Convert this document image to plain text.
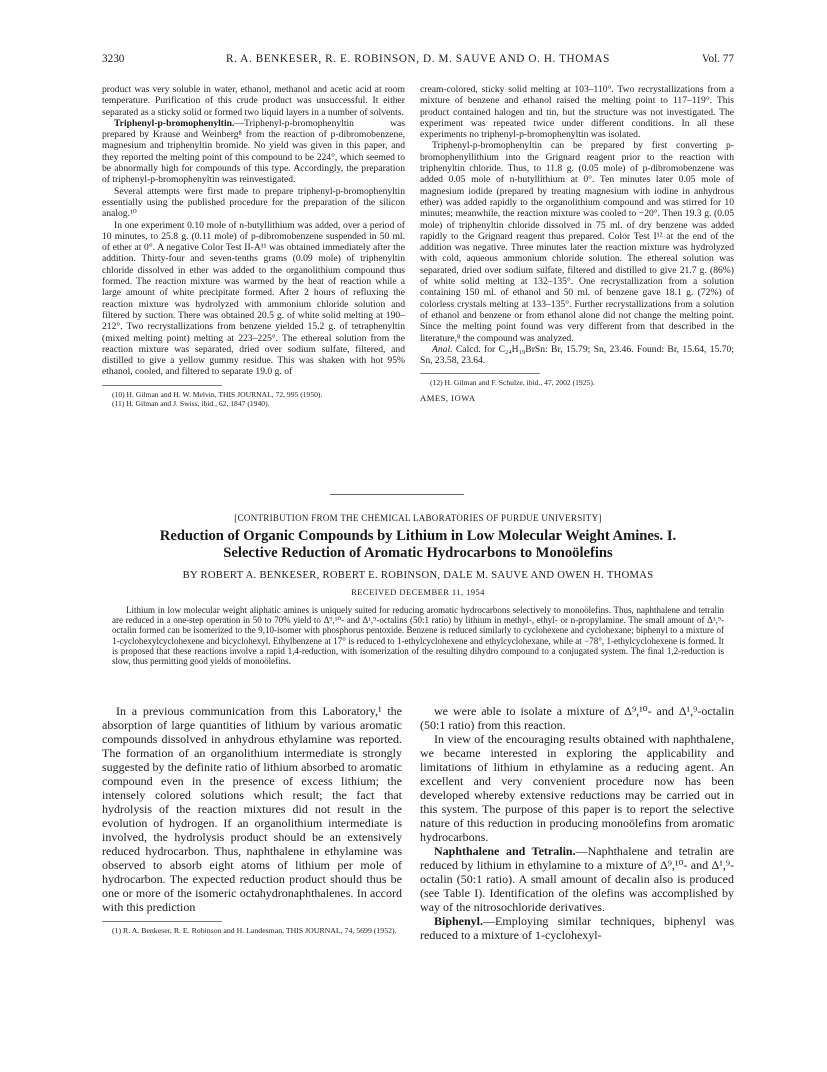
3230	R. A. BENKESER, R. E. ROBINSON, D. M. SAUVE AND O. H. THOMAS	Vol. 77

product was very soluble in water, ethanol, methanol and acetic acid at room temperature. Purification of this crude product was unsuccessful. It either separated as a sticky solid or formed two liquid layers in a number of solvents.

Triphenyl-p-bromophenyltin.—Triphenyl-p-bromophenyltin was prepared by Krause and Weinberg⁸ from the reaction of p-dibromobenzene, magnesium and triphenyltin bromide. No yield was given in this paper, and they reported the melting point of this compound to be 224°, which seemed to be abnormally high for compounds of this type. Accordingly, the preparation of triphenyl-p-bromophenyltin was reinvestigated.

Several attempts were first made to prepare triphenyl-p-bromophenyltin essentially using the published procedure for the preparation of the silicon analog.¹⁰

In one experiment 0.10 mole of n-butyllithium was added, over a period of 10 minutes, to 25.8 g. (0.11 mole) of p-dibromobenzene suspended in 50 ml. of ether at 0°. A negative Color Test II-A¹¹ was obtained immediately after the addition. Thirty-four and seven-tenths grams (0.09 mole) of triphenyltin chloride dissolved in ether was added to the organolithium compound thus formed. The reaction mixture was warmed by the heat of reaction while a large amount of white precipitate formed. After 2 hours of refluxing the reaction mixture was hydrolyzed with ammonium chloride solution and filtered by suction. There was obtained 20.5 g. of white solid melting at 190–212°. Two recrystallizations from benzene yielded 15.2 g. of tetraphenyltin (mixed melting point) melting at 223–225°. The ethereal solution from the reaction mixture was separated, dried over sodium sulfate, filtered, and distilled to give a yellow gummy residue. This was shaken with hot 95% ethanol, cooled, and filtered to separate 19.0 g. of

(10) H. Gilman and H. W. Melvin, THIS JOURNAL, 72, 995 (1950).
(11) H. Gilman and J. Swiss, ibid., 62, 1847 (1940).

cream-colored, sticky solid melting at 103–110°. Two recrystallizations from a mixture of benzene and ethanol raised the melting point to 117–119°. This product contained halogen and tin, but the structure was not investigated. The experiment was repeated twice under different conditions. In all these experiments no triphenyl-p-bromophenyltin was isolated.

Triphenyl-p-bromophenyltin can be prepared by first converting p-bromophenyllithium into the Grignard reagent prior to the reaction with triphenyltin chloride. Thus, to 11.8 g. (0.05 mole) of p-dibromobenzene was added 0.05 mole of n-butyllithium at 0°. Ten minutes later 0.05 mole of magnesium iodide (prepared by treating magnesium with iodine in anhydrous ether) was added rapidly to the organolithium compound and was stirred for 10 minutes; meanwhile, the reaction mixture was cooled to −20°. Then 19.3 g. (0.05 mole) of triphenyltin chloride dissolved in 75 ml. of dry benzene was added rapidly to the Grignard reagent thus prepared. Color Test I¹² at the end of the addition was negative. Three minutes later the reaction mixture was hydrolyzed with cold, aqueous ammonium chloride solution. The ethereal solution was separated, dried over sodium sulfate, filtered and distilled to give 21.7 g. (86%) of white solid melting at 132–135°. One recrystallization from a solution containing 150 ml. of ethanol and 50 ml. of benzene gave 18.1 g. (72%) of colorless crystals melting at 133–135°. Further recrystallizations from a solution of ethanol and benzene or from ethanol alone did not change the melting point. Since the melting point found was very different from that described in the literature,⁸ the compound was analyzed.

Anal. Calcd. for C₂₄H₁₉BrSn: Br, 15.79; Sn, 23.46. Found: Br, 15.64, 15.70; Sn, 23.58, 23.64.

(12) H. Gilman and F. Schulze, ibid., 47, 2002 (1925).
AMES, IOWA
[CONTRIBUTION FROM THE CHEMICAL LABORATORIES OF PURDUE UNIVERSITY]
Reduction of Organic Compounds by Lithium in Low Molecular Weight Amines. I.
Selective Reduction of Aromatic Hydrocarbons to Monoölefins
BY ROBERT A. BENKESER, ROBERT E. ROBINSON, DALE M. SAUVE AND OWEN H. THOMAS
RECEIVED DECEMBER 11, 1954
Lithium in low molecular weight aliphatic amines is uniquely suited for reducing aromatic hydrocarbons selectively to monoölefins. Thus, naphthalene and tetralin are reduced in a one-step operation in 50 to 70% yield to Δ⁹,¹⁰- and Δ¹,⁹-octalins (50:1 ratio) by lithium in methyl-, ethyl- or n-propylamine. The small amount of Δ¹,⁹-octalin formed can be isomerized to the 9,10-isomer with phosphorus pentoxide. Benzene is reduced similarly to cyclohexene and cyclohexane; biphenyl to a mixture of 1-cyclohexylcyclohexene and bicyclohexyl. Ethylbenzene at 17° is reduced to 1-ethylcyclohexene and ethylcyclohexane, while at −78°, 1-ethylcyclohexene is formed. It is proposed that these reactions involve a rapid 1,4-reduction, with isomerization of the resulting dihydro compound to a conjugated system. The final 1,2-reduction is slow, thus permitting good yields of monoölefins.

In a previous communication from this Laboratory,¹ the absorption of large quantities of lithium by various aromatic compounds dissolved in anhydrous ethylamine was reported. The formation of an organolithium intermediate is strongly suggested by the definite ratio of lithium absorbed to aromatic compound even in the presence of excess lithium; the intensely colored solutions which result; the fact that hydrolysis of the reaction mixtures did not result in the evolution of hydrogen. If an organolithium intermediate is involved, the hydrolysis product should be an extensively reduced hydrocarbon. Thus, naphthalene in ethylamine was observed to absorb eight atoms of lithium per mole of hydrocarbon. The expected reduction product should thus be one or more of the isomeric octahydronaphthalenes. In accord with this prediction

(1) R. A. Benkeser, R. E. Robinson and H. Landesman, THIS JOURNAL, 74, 5699 (1952).

we were able to isolate a mixture of Δ⁹,¹⁰- and Δ¹,⁹-octalin (50:1 ratio) from this reaction.

In view of the encouraging results obtained with naphthalene, we became interested in exploring the applicability and limitations of lithium in ethylamine as a reducing agent. An excellent and very convenient procedure now has been developed whereby extensive reductions may be carried out in this system. The purpose of this paper is to report the selective nature of this reduction in producing monoölefins from aromatic hydrocarbons.

Naphthalene and Tetralin.—Naphthalene and tetralin are reduced by lithium in ethylamine to a mixture of Δ⁹,¹⁰- and Δ¹,⁹-octalin (50:1 ratio). A small amount of decalin also is produced (see Table I). Identification of the olefins was accomplished by way of the nitrosochloride derivatives.

Biphenyl.—Employing similar techniques, biphenyl was reduced to a mixture of 1-cyclohexyl-
